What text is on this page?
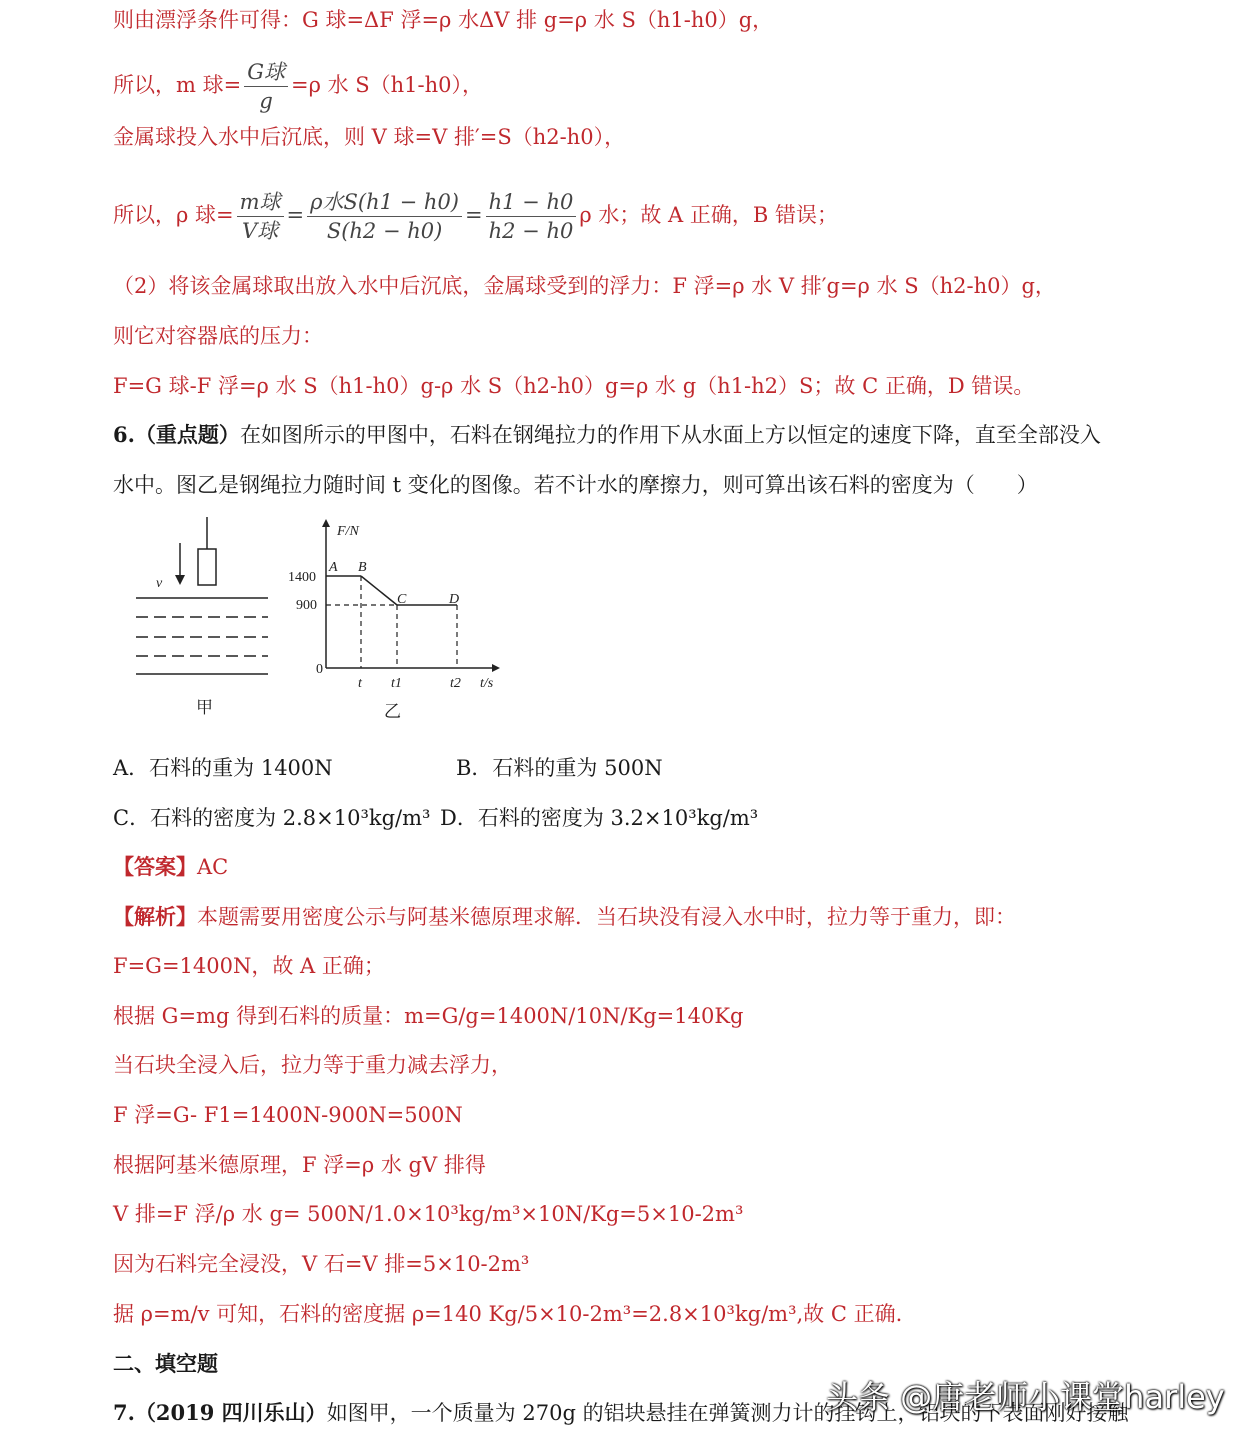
则由漂浮条件可得：G 球=ΔF 浮=ρ 水ΔV 排 g=ρ 水 S（h1-h0）g，
所以，m 球= $\frac{\text{G球}}{g} =\rho$ 水 S（h1-h0），
金属球投入水中后沉底，则 V 球=V 排′=S（h2-h0），
所以，ρ 球= $\frac{\text{m球}}{\text{V球}} = \frac{\text{ρ水S(h1 − h0)}}{S(h2 - h0)} = \frac{h1 - h0}{h2 - h0}$ ρ 水；故 A 正确，B 错误；
（2）将该金属球取出放入水中后沉底，金属球受到的浮力：F 浮=ρ 水 V 排′g=ρ 水 S（h2-h0）g，
则它对容器底的压力：
F=G 球-F 浮=ρ 水 S（h1-h0）g-ρ 水 S（h2-h0）g=ρ 水 g（h1-h2）S；故 C 正确，D 错误。
6.（重点题）在如图所示的甲图中，石料在钢绳拉力的作用下从水面上方以恒定的速度下降，直至全部没入
水中。图乙是钢绳拉力随时间 t 变化的图像。若不计水的摩擦力，则可算出该石料的密度为（　　）
v
甲
F/N
t/s
1400
900
0
A B
C	D
t t1	t2
乙
A．石料的重为 1400N	B．石料的重为 500N
C．石料的密度为 2.8×10³kg/m³ D．石料的密度为 3.2×10³kg/m³
【答案】AC
【解析】本题需要用密度公示与阿基米德原理求解．当石块没有浸入水中时，拉力等于重力，即：
F=G=1400N，故 A 正确；
根据 G=mg 得到石料的质量：m=G/g=1400N/10N/Kg=140Kg
当石块全浸入后，拉力等于重力减去浮力，
F 浮=G- F1=1400N-900N=500N
根据阿基米德原理，F 浮=ρ 水 gV 排得
V 排=F 浮/ρ 水 g= 500N/1.0×10³kg/m³×10N/Kg=5×10-2m³
因为石料完全浸没，V 石=V 排=5×10-2m³
据 ρ=m/v 可知，石料的密度据 ρ=140 Kg/5×10-2m³=2.8×10³kg/m³,故 C 正确.
二、填空题
7.（2019 四川乐山）如图甲，一个质量为 270g 的铝块悬挂在弹簧测力计的挂钩上，铝块的下表面刚好接触
头条 @唐老师小课堂harley
